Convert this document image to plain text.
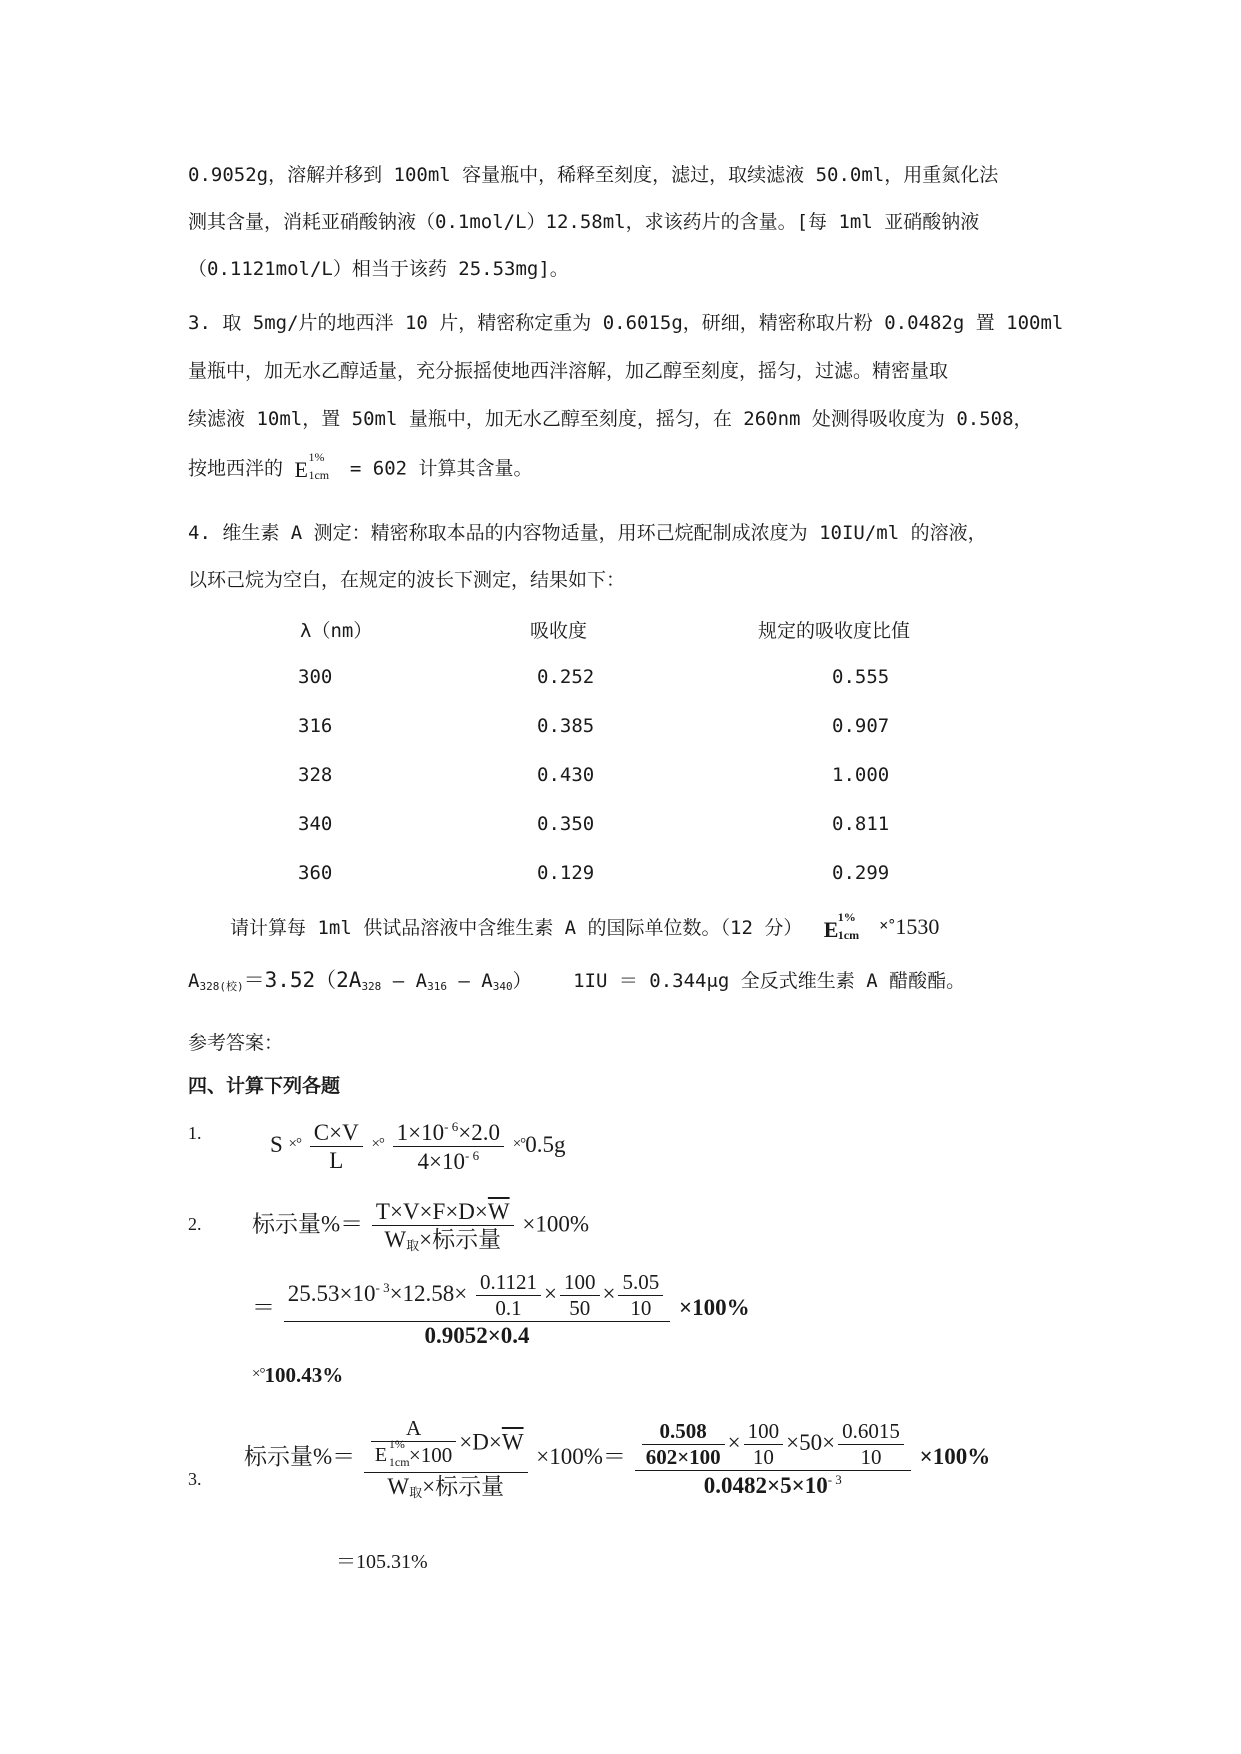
0.9052g，溶解并移到 100ml 容量瓶中，稀释至刻度，滤过，取续滤液 50.0ml，用重氮化法
测其含量，消耗亚硝酸钠液（0.1mol/L）12.58ml，求该药片的含量。[每 1ml 亚硝酸钠液
（0.1121mol/L）相当于该药 25.53mg]。
3. 取 5mg/片的地西泮 10 片，精密称定重为 0.6015g，研细，精密称取片粉 0.0482g 置 100ml
量瓶中，加无水乙醇适量，充分振摇使地西泮溶解，加乙醇至刻度，摇匀，过滤。精密量取
续滤液 10ml，置 50ml 量瓶中，加无水乙醇至刻度，摇匀，在 260nm 处测得吸收度为 0.508，
按地西泮的 E 1%
1cm = 602 计算其含量。
4. 维生素 A 测定：精密称取本品的内容物适量，用环己烷配制成浓度为 10IU/ml 的溶液，
以环己烷为空白，在规定的波长下测定，结果如下：
λ（nm）	吸收度	规定的吸收度比值
300	0.252	0.555
316	0.385	0.907
328	0.430	1.000
340	0.350	0.811
360	0.129	0.299
请计算每 1ml 供试品溶液中含维生素 A 的国际单位数。（12 分） E 1%
1cm
×°1530
$A_{328(校)}=3.52(2A_{328} - A_{316} - A_{340}) 1IU = 0.344\mu g$ 全反式维生素 A 醋酸酯。
参考答案：
四、计算下列各题
1.	S ×° $\frac{C\times V}{L}$ ×° $\frac{1\times 10^{- 6}\times 2.0}{4\times 10^{- 6}} \times^\circ 0.5g$
2. 标示量%＝ $\frac{T\times V\times F\times D\times\overline{W}}{W_取\times 标示量} \times 100\%$
＝ $\frac{25.53\times 10^{- 3}\times 12.58\times \frac{0.1121}{0.1} \times \frac{100}{50} \times \frac{5.05}{10}}{0.9052\times 0.4} \times 100\%$
×°100.43%
3.
标示量%＝ A
E 1%
$1cm \times 100 \times D\times\overline{W}$
$W_取\times$标示量 $\times 100\%= \frac{\frac{0.508}{602\times 100} \times \frac{100}{10} \times 50\times \frac{0.6015}{10}}{0.0482\times 5\times 10^{- 3}} \times 100\%$
＝105.31%
